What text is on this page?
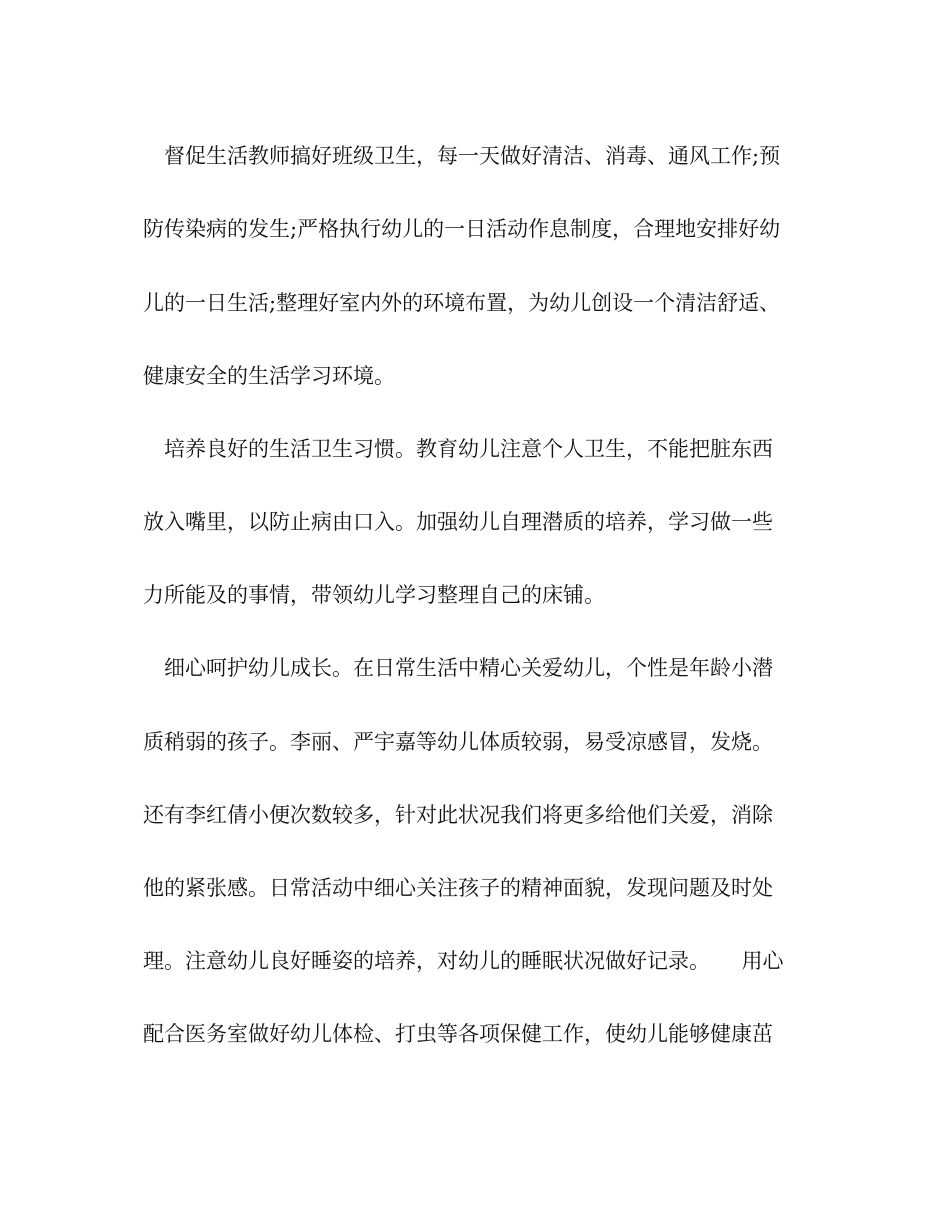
督促生活教师搞好班级卫生，每一天做好清洁、消毒、通风工作;预
防传染病的发生;严格执行幼儿的一日活动作息制度，合理地安排好幼
儿的一日生活;整理好室内外的环境布置，为幼儿创设一个清洁舒适、
健康安全的生活学习环境。
培养良好的生活卫生习惯。教育幼儿注意个人卫生，不能把脏东西
放入嘴里，以防止病由口入。加强幼儿自理潜质的培养，学习做一些
力所能及的事情，带领幼儿学习整理自己的床铺。
细心呵护幼儿成长。在日常生活中精心关爱幼儿，个性是年龄小潜
质稍弱的孩子。李丽、严宇嘉等幼儿体质较弱，易受凉感冒，发烧。
还有李红倩小便次数较多，针对此状况我们将更多给他们关爱，消除
他的紧张感。日常活动中细心关注孩子的精神面貌，发现问题及时处
理。注意幼儿良好睡姿的培养，对幼儿的睡眠状况做好记录。　　用心
配合医务室做好幼儿体检、打虫等各项保健工作，使幼儿能够健康茁
